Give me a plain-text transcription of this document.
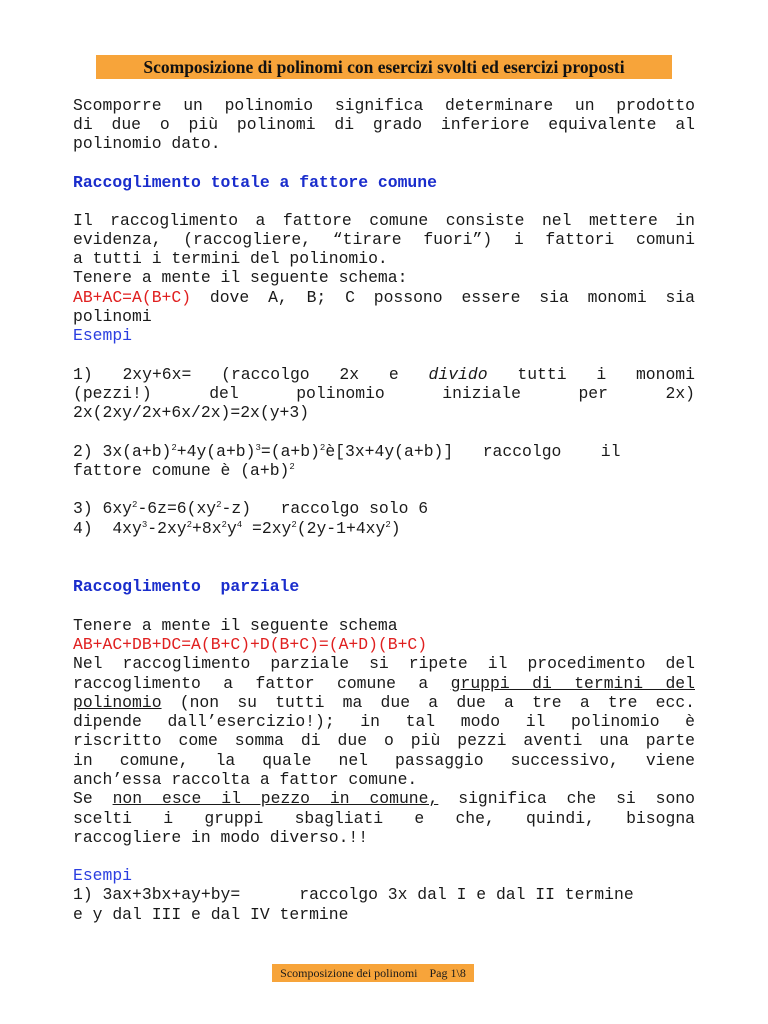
Scomposizione di polinomi con esercizi svolti ed esercizi proposti
Scomporre un polinomio significa determinare un prodotto
di due o più polinomi di grado inferiore equivalente al
polinomio dato.
Raccoglimento totale a fattore comune
Il raccoglimento a fattore comune consiste nel mettere in
evidenza, (raccogliere, “tirare fuori”) i fattori comuni
a tutti i termini del polinomio.
Tenere a mente il seguente schema:
AB+AC=A(B+C) dove A, B; C possono essere sia monomi sia
polinomi
Esempi
1) 2xy+6x= (raccolgo 2x e divido tutti i monomi
(pezzi!) del polinomio iniziale per 2x)
2x(2xy/2x+6x/2x)=2x(y+3)
2) $3x(a+b)^2+4y(a+b)^3=(a+b)^2è[3x+4y(a+b)]$   raccolgo    il
fattore comune è $(a+b)^2$
3) $6xy^2-6z=6(xy^2-z)$   raccolgo solo 6
4)  $4xy^3-2xy^2+8x^2y^4 =2xy^2(2y-1+4xy^2)$
Raccoglimento  parziale
Tenere a mente il seguente schema
AB+AC+DB+DC=A(B+C)+D(B+C)=(A+D)(B+C)
Nel raccoglimento parziale si ripete il procedimento del
raccoglimento a fattor comune a gruppi di termini del
polinomio (non su tutti ma due a due a tre a tre ecc.
dipende dall’esercizio!); in tal modo il polinomio è
riscritto come somma di due o più pezzi aventi una parte
in comune, la quale nel passaggio successivo, viene
anch’essa raccolta a fattor comune.
Se non esce il pezzo in comune, significa che si sono
scelti i gruppi sbagliati e che, quindi, bisogna
raccogliere in modo diverso.!!
Esempi
1) 3ax+3bx+ay+by=      raccolgo 3x dal I e dal II termine
e y dal III e dal IV termine
Scomposizione dei polinomi    Pag 1\8
